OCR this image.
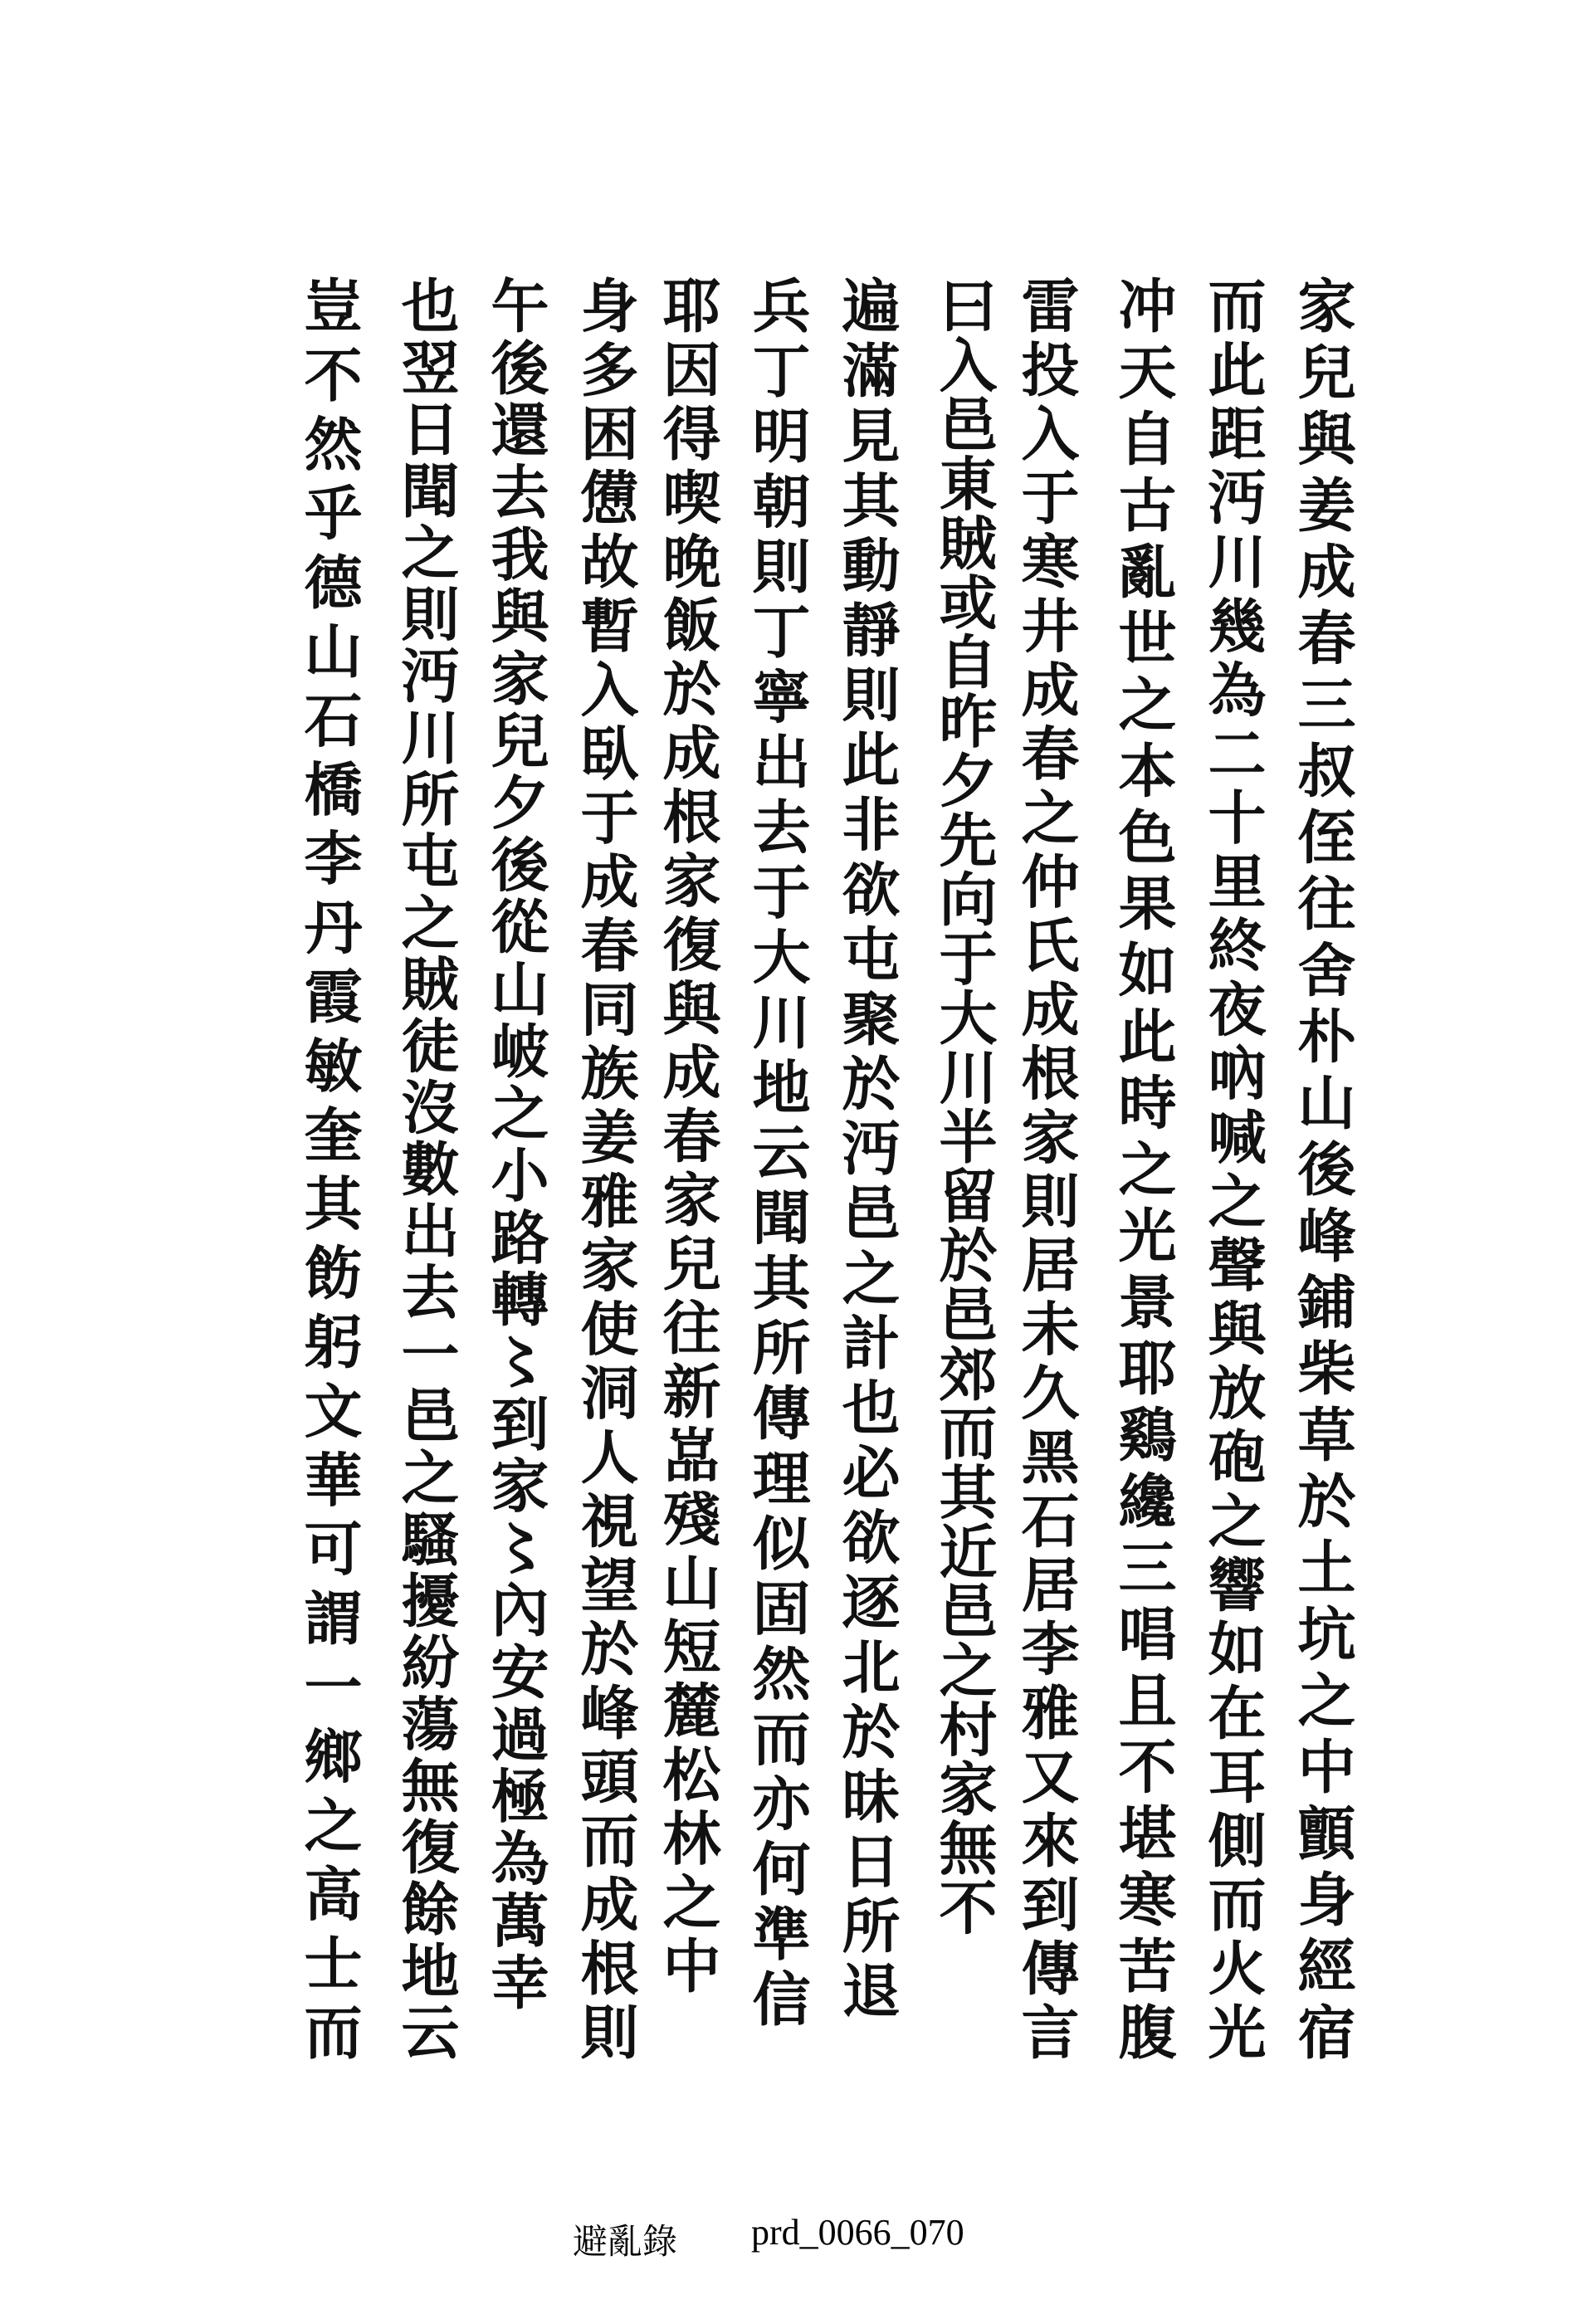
家兒與姜成春三叔侄往舍朴山後峰鋪柴草於土坑之中顫身經宿
而此距沔川幾為二十里終夜吶喊之聲與放砲之響如在耳側而火光
冲天自古亂世之本色果如此時之光景耶鷄纔三唱且不堪寒苦腹
雷投入于寒井成春之仲氏成根家則居未久黑石居李雅又來到傳言
曰入邑東賊或自昨夕先向于大川半留於邑郊而其近邑之村家無不
遍滿見其動靜則此非欲屯聚於沔邑之計也必欲逐北於昧日所退
兵丁明朝則丁寧出去于大川地云聞其所傳理似固然而亦何準信
耶因得喫晚飯於成根家復與成春家兒往新嵓殘山短麓松林之中
身多困憊故暫入臥于成春同族姜雅家使洞人視望於峰頭而成根則
午後還去我與家兒夕後從山岥之小路轉〻到家〻內安過極為萬幸
也翌日聞之則沔川所屯之賊徒沒數出去一邑之騷擾紛蕩無復餘地云
豈不然乎德山石橋李丹霞敏奎其飭躬文華可謂一鄉之高士而
避亂錄 prd_0066_070
